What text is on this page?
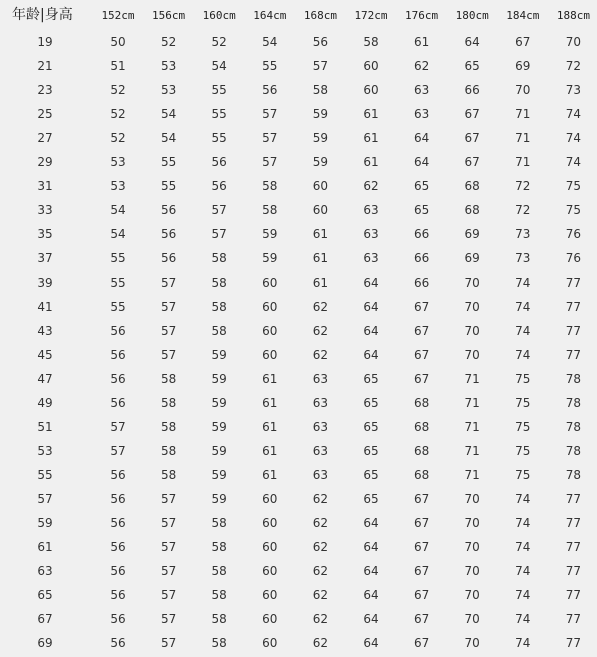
年龄|身高	152cm 156cm 160cm 164cm 168cm 172cm 176cm 180cm 184cm 188cm
19	50	52	52	54	56	58	61	64	67	70
21	51	53	54	55	57	60	62	65	69	72
23	52	53	55	56	58	60	63	66	70	73
25	52	54	55	57	59	61	63	67	71	74
27	52	54	55	57	59	61	64	67	71	74
29	53	55	56	57	59	61	64	67	71	74
31	53	55	56	58	60	62	65	68	72	75
33	54	56	57	58	60	63	65	68	72	75
35	54	56	57	59	61	63	66	69	73	76
37	55	56	58	59	61	63	66	69	73	76
39	55	57	58	60	61	64	66	70	74	77
41	55	57	58	60	62	64	67	70	74	77
43	56	57	58	60	62	64	67	70	74	77
45	56	57	59	60	62	64	67	70	74	77
47	56	58	59	61	63	65	67	71	75	78
49	56	58	59	61	63	65	68	71	75	78
51	57	58	59	61	63	65	68	71	75	78
53	57	58	59	61	63	65	68	71	75	78
55	56	58	59	61	63	65	68	71	75	78
57	56	57	59	60	62	65	67	70	74	77
59	56	57	58	60	62	64	67	70	74	77
61	56	57	58	60	62	64	67	70	74	77
63	56	57	58	60	62	64	67	70	74	77
65	56	57	58	60	62	64	67	70	74	77
67	56	57	58	60	62	64	67	70	74	77
69	56	57	58	60	62	64	67	70	74	77
